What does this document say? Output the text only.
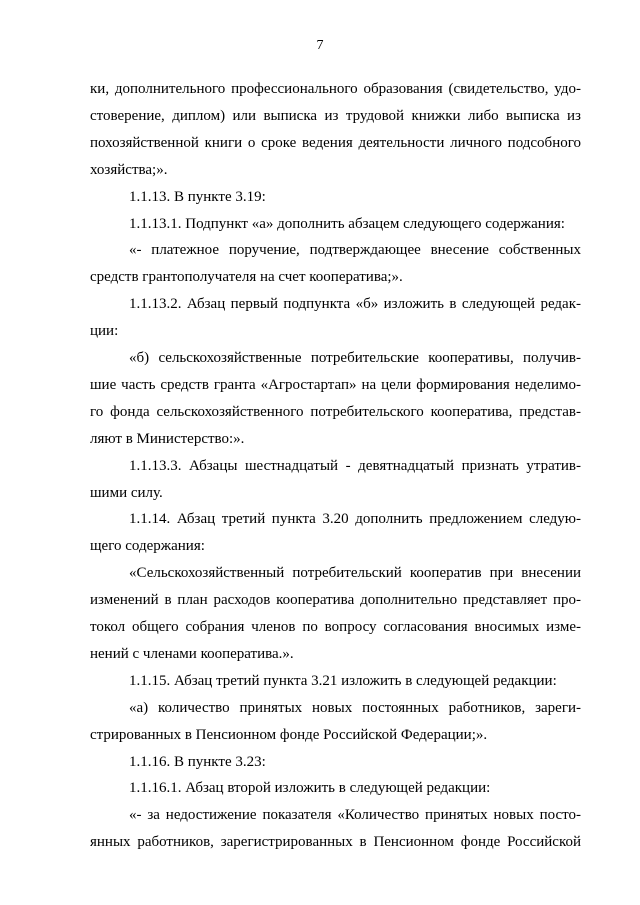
7
ки, дополнительного профессионального образования (свидетельство, удо-
стоверение, диплом) или выписка из трудовой книжки либо выписка из
похозяйственной книги о сроке ведения деятельности личного подсобного
хозяйства;».
1.1.13. В пункте 3.19:
1.1.13.1. Подпункт «а» дополнить абзацем следующего содержания:
«- платежное поручение, подтверждающее внесение собственных
средств грантополучателя на счет кооператива;».
1.1.13.2. Абзац первый подпункта «б» изложить в следующей редак-
ции:
«б) сельскохозяйственные потребительские кооперативы, получив-
шие часть средств гранта «Агростартап» на цели формирования неделимо-
го фонда сельскохозяйственного потребительского кооператива, представ-
ляют в Министерство:».
1.1.13.3. Абзацы шестнадцатый - девятнадцатый признать утратив-
шими силу.
1.1.14. Абзац третий пункта 3.20 дополнить предложением следую-
щего содержания:
«Сельскохозяйственный потребительский кооператив при внесении
изменений в план расходов кооператива дополнительно представляет про-
токол общего собрания членов по вопросу согласования вносимых изме-
нений с членами кооператива.».
1.1.15. Абзац третий пункта 3.21 изложить в следующей редакции:
«а) количество принятых новых постоянных работников, зареги-
стрированных в Пенсионном фонде Российской Федерации;».
1.1.16. В пункте 3.23:
1.1.16.1. Абзац второй изложить в следующей редакции:
«- за недостижение показателя «Количество принятых новых посто-
янных работников, зарегистрированных в Пенсионном фонде Российской
